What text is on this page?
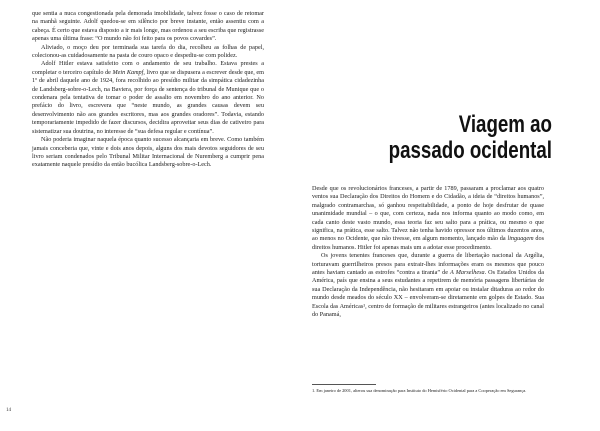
que sentia a nuca congestionada pela demorada imobilidade, talvez fosse o caso de retomar na manhã seguinte. Adolf quedou-se em silêncio por breve instante, então assentiu com a cabeça. É certo que estava disposto a ir mais longe, mas ordenou a seu escriba que registrasse apenas uma última frase: “O mundo não foi feito para os povos covardes”.

Aliviado, o moço deu por terminada sua tarefa do dia, recolheu as folhas de papel, colecionou-as cuidadosamente na pasta de couro opaco e despediu-se com polidez.

Adolf Hitler estava satisfeito com o andamento de seu trabalho. Estava prestes a completar o terceiro capítulo de Mein Kampf, livro que se dispusera a escrever desde que, em 1º de abril daquele ano de 1924, fora recolhido ao presídio militar da simpática cidadezinha de Landsberg-sobre-o-Lech, na Baviera, por força de sentença do tribunal de Munique que o condenara pela tentativa de tomar o poder de assalto em novembro do ano anterior. No prefácio do livro, escrevera que “neste mundo, as grandes causas devem seu desenvolvimento não aos grandes escritores, mas aos grandes oradores”. Todavia, estando temporariamente impedido de fazer discursos, decidira aproveitar seus dias de cativeiro para sistematizar sua doutrina, no interesse de “sua defesa regular e contínua”.

Não poderia imaginar naquela época quanto sucesso alcançaria em breve. Como também jamais conceberia que, vinte e dois anos depois, alguns dos mais devotos seguidores de seu livro seriam condenados pelo Tribunal Militar Internacional de Nuremberg a cumprir pena exatamente naquele presídio da então bucólica Landsberg-sobre-o-Lech.

14
Viagem ao
passado ocidental

Desde que os revolucionários franceses, a partir de 1789, passaram a proclamar aos quatro ventos sua Declaração dos Direitos do Homem e do Cidadão, a ideia de “direitos humanos”, malgrado contramarchas, só ganhou respeitabilidade, a ponto de hoje desfrutar de quase unanimidade mundial – o que, com certeza, nada nos informa quanto ao modo como, em cada canto deste vasto mundo, essa teoria faz seu salto para a prática, ou mesmo o que significa, na prática, esse salto. Talvez não tenha havido opressor nos últimos duzentos anos, ao menos no Ocidente, que não tivesse, em algum momento, lançado mão da linguagem dos direitos humanos. Hitler foi apenas mais um a adotar esse procedimento.

Os jovens tenentes franceses que, durante a guerra de libertação nacional da Argélia, torturavam guerrilheiros presos para extrair-lhes informações eram os mesmos que pouco antes haviam cantado as estrofes “contra a tirania” de A Marselhesa. Os Estados Unidos da América, país que ensina a seus estudantes a repetirem de memória passagens libertárias de sua Declaração da Independência, não hesitaram em apoiar ou instalar ditaduras ao redor do mundo desde meados do século XX – envolveram-se diretamente em golpes de Estado. Sua Escola das Américas¹, centro de formação de militares estrangeiros (antes localizado no canal do Panamá,

1. Em janeiro de 2001, alterou sua denominação para Instituto do Hemisfério Ocidental para a Cooperação em Segurança.
